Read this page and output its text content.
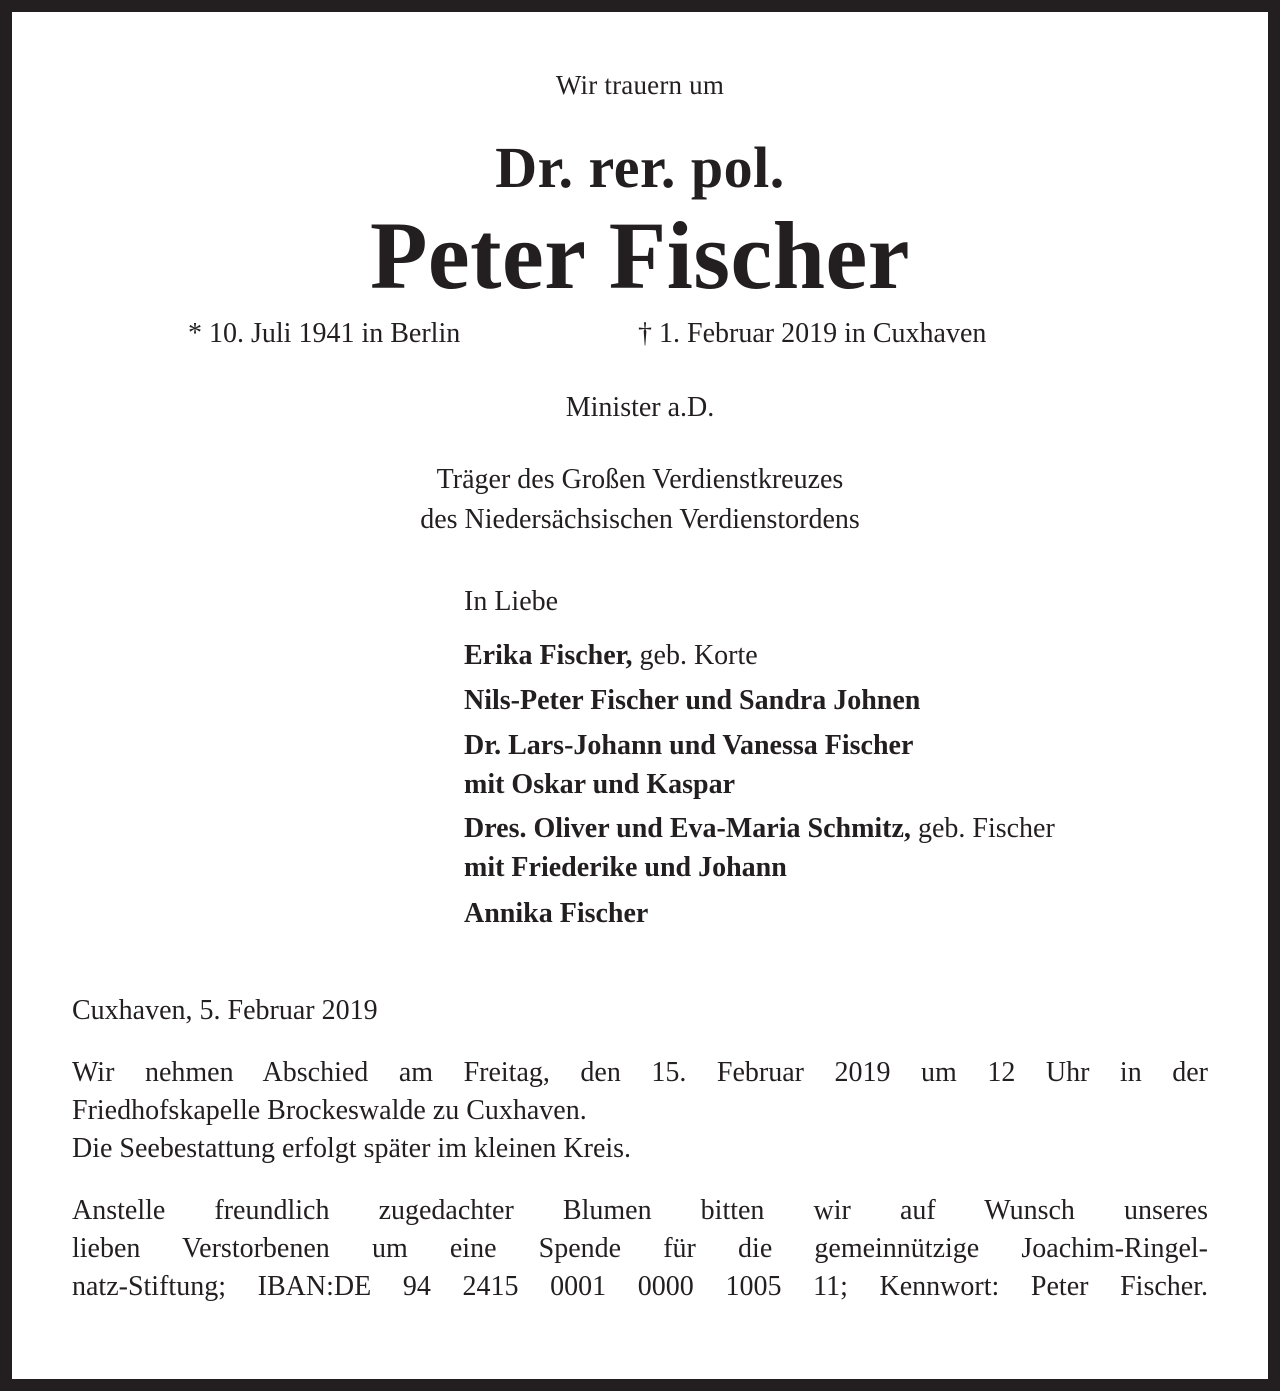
Wir trauern um
Dr. rer. pol.
Peter Fischer
* 10. Juli 1941 in Berlin	† 1. Februar 2019 in Cuxhaven
Minister a.D.
Träger des Großen Verdienstkreuzes
des Niedersächsischen Verdienstordens
In Liebe
Erika Fischer, geb. Korte
Nils-Peter Fischer und Sandra Johnen
Dr. Lars-Johann und Vanessa Fischer
mit Oskar und Kaspar
Dres. Oliver und Eva-Maria Schmitz, geb. Fischer
mit Friederike und Johann
Annika Fischer
Cuxhaven, 5. Februar 2019
Wir nehmen Abschied am Freitag, den 15. Februar 2019 um 12 Uhr in der
Friedhofskapelle Brockeswalde zu Cuxhaven.
Die Seebestattung erfolgt später im kleinen Kreis.
Anstelle freundlich zugedachter Blumen bitten wir auf Wunsch unseres
lieben Verstorbenen um eine Spende für die gemeinnützige Joachim-Ringel-
natz-Stiftung; IBAN:DE 94 2415 0001 0000 1005 11; Kennwort: Peter Fischer.
